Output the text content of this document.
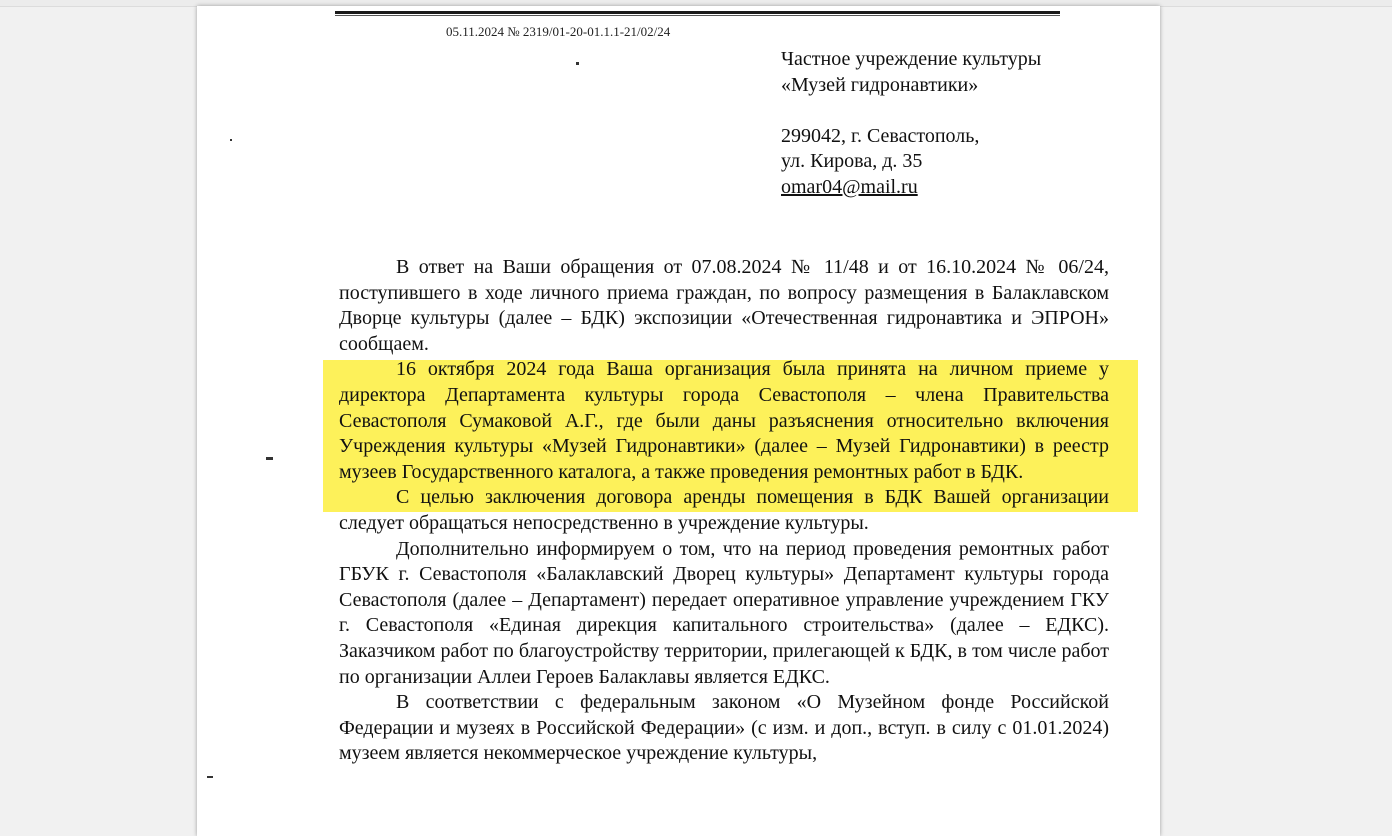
05.11.2024 № 2319/01-20-01.1.1-21/02/24
Частное учреждение культуры
«Музей гидронавтики»
299042, г. Севастополь,
ул. Кирова, д. 35
omar04@mail.ru

В ответ на Ваши обращения от 07.08.2024 № 11/48 и от 16.10.2024 № 06/24, поступившего в ходе личного приема граждан, по вопросу размещения в Балаклавском Дворце культуры (далее – БДК) экспозиции «Отечественная гидронавтика и ЭПРОН» сообщаем.

16 октября 2024 года Ваша организация была принята на личном приеме у директора Департамента культуры города Севастополя – члена Правительства Севастополя Сумаковой А.Г., где были даны разъяснения относительно включения Учреждения культуры «Музей Гидронавтики» (далее – Музей Гидронавтики) в реестр музеев Государственного каталога, а также проведения ремонтных работ в БДК.

С целью заключения договора аренды помещения в БДК Вашей организации следует обращаться непосредственно в учреждение культуры.

Дополнительно информируем о том, что на период проведения ремонтных работ ГБУК г. Севастополя «Балаклавский Дворец культуры» Департамент культуры города Севастополя (далее – Департамент) передает оперативное управление учреждением ГКУ г. Севастополя «Единая дирекция капитального строительства» (далее – ЕДКС). Заказчиком работ по благоустройству территории, прилегающей к БДК, в том числе работ по организации Аллеи Героев Балаклавы является ЕДКС.

В соответствии с федеральным законом «О Музейном фонде Российской Федерации и музеях в Российской Федерации» (с изм. и доп., вступ. в силу с 01.01.2024) музеем является некоммерческое учреждение культуры,
